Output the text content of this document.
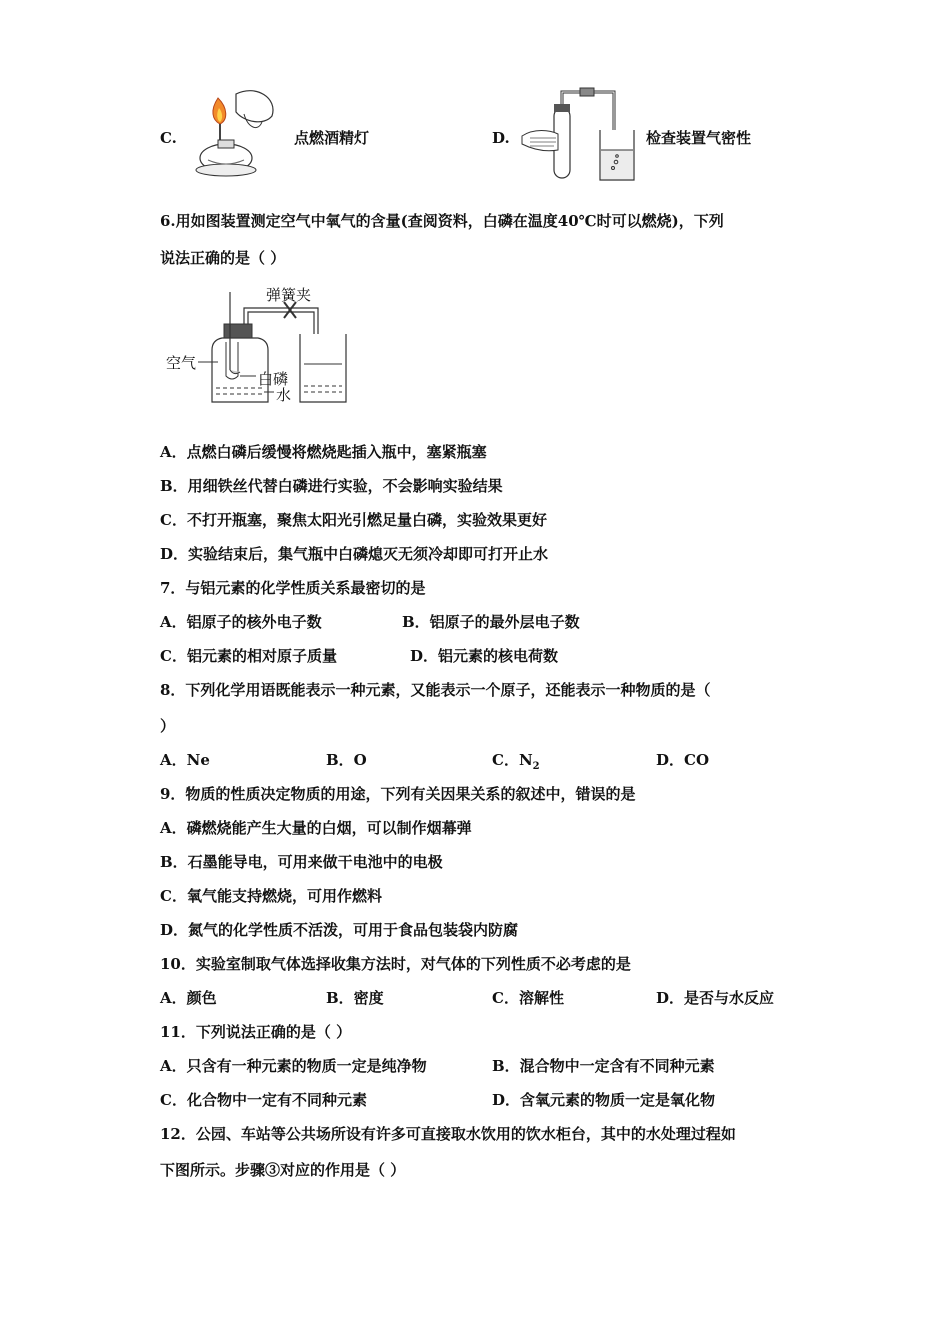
C.	点燃酒精灯	D.	检查装置气密性
6.用如图装置测定空气中氧气的含量(查阅资料，白磷在温度40℃时可以燃烧)，下列
说法正确的是（ ）
弹簧夹
空气
白磷
水
A．点燃白磷后缓慢将燃烧匙插入瓶中，塞紧瓶塞
B．用细铁丝代替白磷进行实验，不会影响实验结果
C．不打开瓶塞，聚焦太阳光引燃足量白磷，实验效果更好
D．实验结束后，集气瓶中白磷熄灭无须冷却即可打开止水
7．与铝元素的化学性质关系最密切的是
A．铝原子的核外电子数	B．铝原子的最外层电子数
C．铝元素的相对原子质量	D．铝元素的核电荷数
8．下列化学用语既能表示一种元素，又能表示一个原子，还能表示一种物质的是（
）
A．Ne	B．O	C．$N_2$	D．CO
9．物质的性质决定物质的用途，下列有关因果关系的叙述中，错误的是
A．磷燃烧能产生大量的白烟，可以制作烟幕弹
B．石墨能导电，可用来做干电池中的电极
C．氧气能支持燃烧，可用作燃料
D．氮气的化学性质不活泼，可用于食品包装袋内防腐
10．实验室制取气体选择收集方法时，对气体的下列性质不必考虑的是
A．颜色	B．密度	C．溶解性	D．是否与水反应
11．下列说法正确的是（ ）
A．只含有一种元素的物质一定是纯净物	B．混合物中一定含有不同种元素
C．化合物中一定有不同种元素	D．含氧元素的物质一定是氧化物
12．公园、车站等公共场所设有许多可直接取水饮用的饮水柜台，其中的水处理过程如
下图所示。步骤③对应的作用是（ ）
